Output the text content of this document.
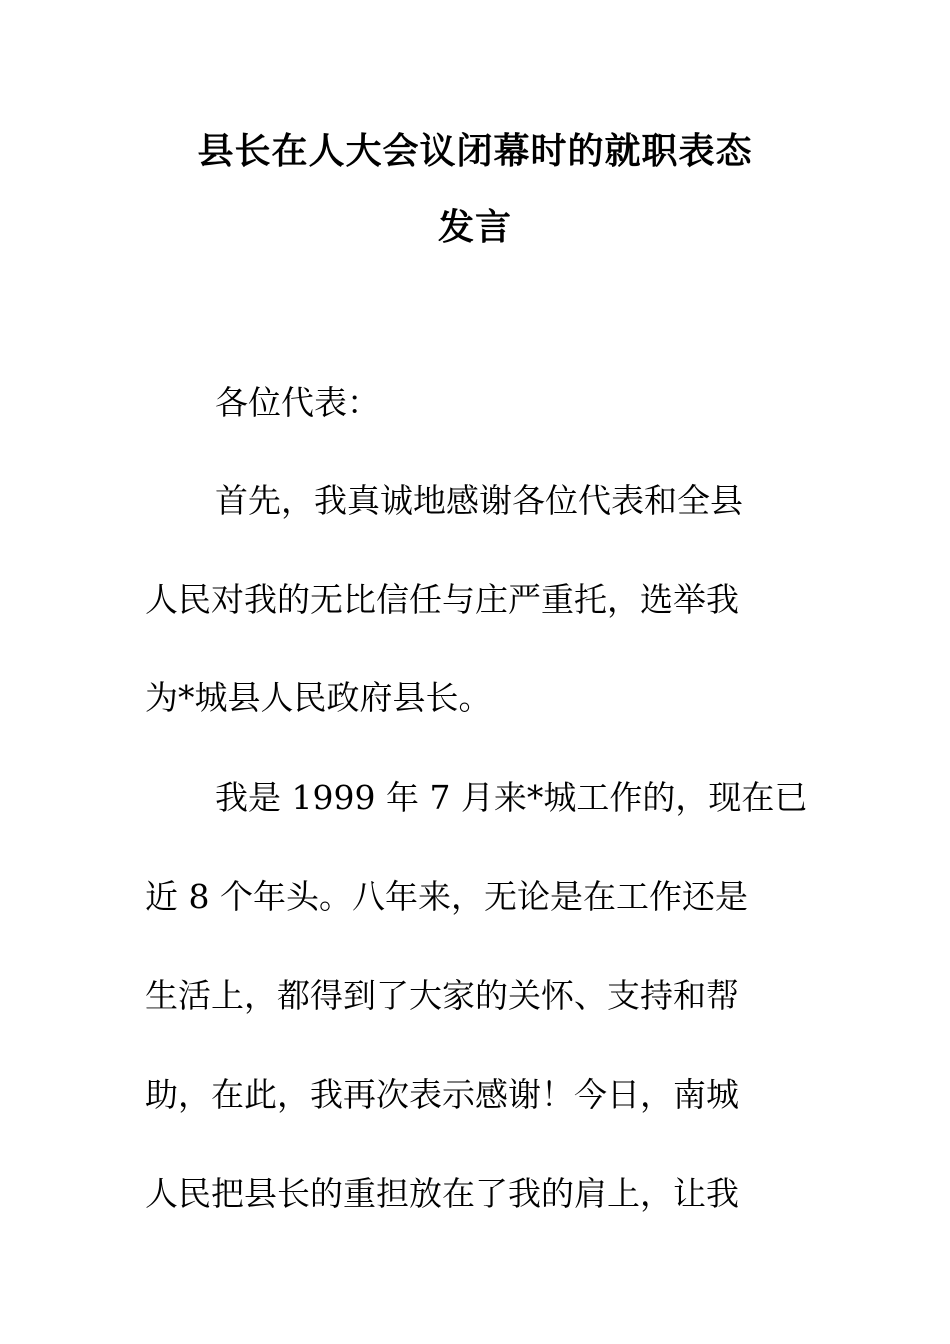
县长在人大会议闭幕时的就职表态
发言
各位代表：
首先，我真诚地感谢各位代表和全县
人民对我的无比信任与庄严重托，选举我
为*城县人民政府县长。
我是 1999 年 7 月来*城工作的，现在已
近 8 个年头。八年来，无论是在工作还是
生活上，都得到了大家的关怀、支持和帮
助，在此，我再次表示感谢！今日，南城
人民把县长的重担放在了我的肩上，让我
